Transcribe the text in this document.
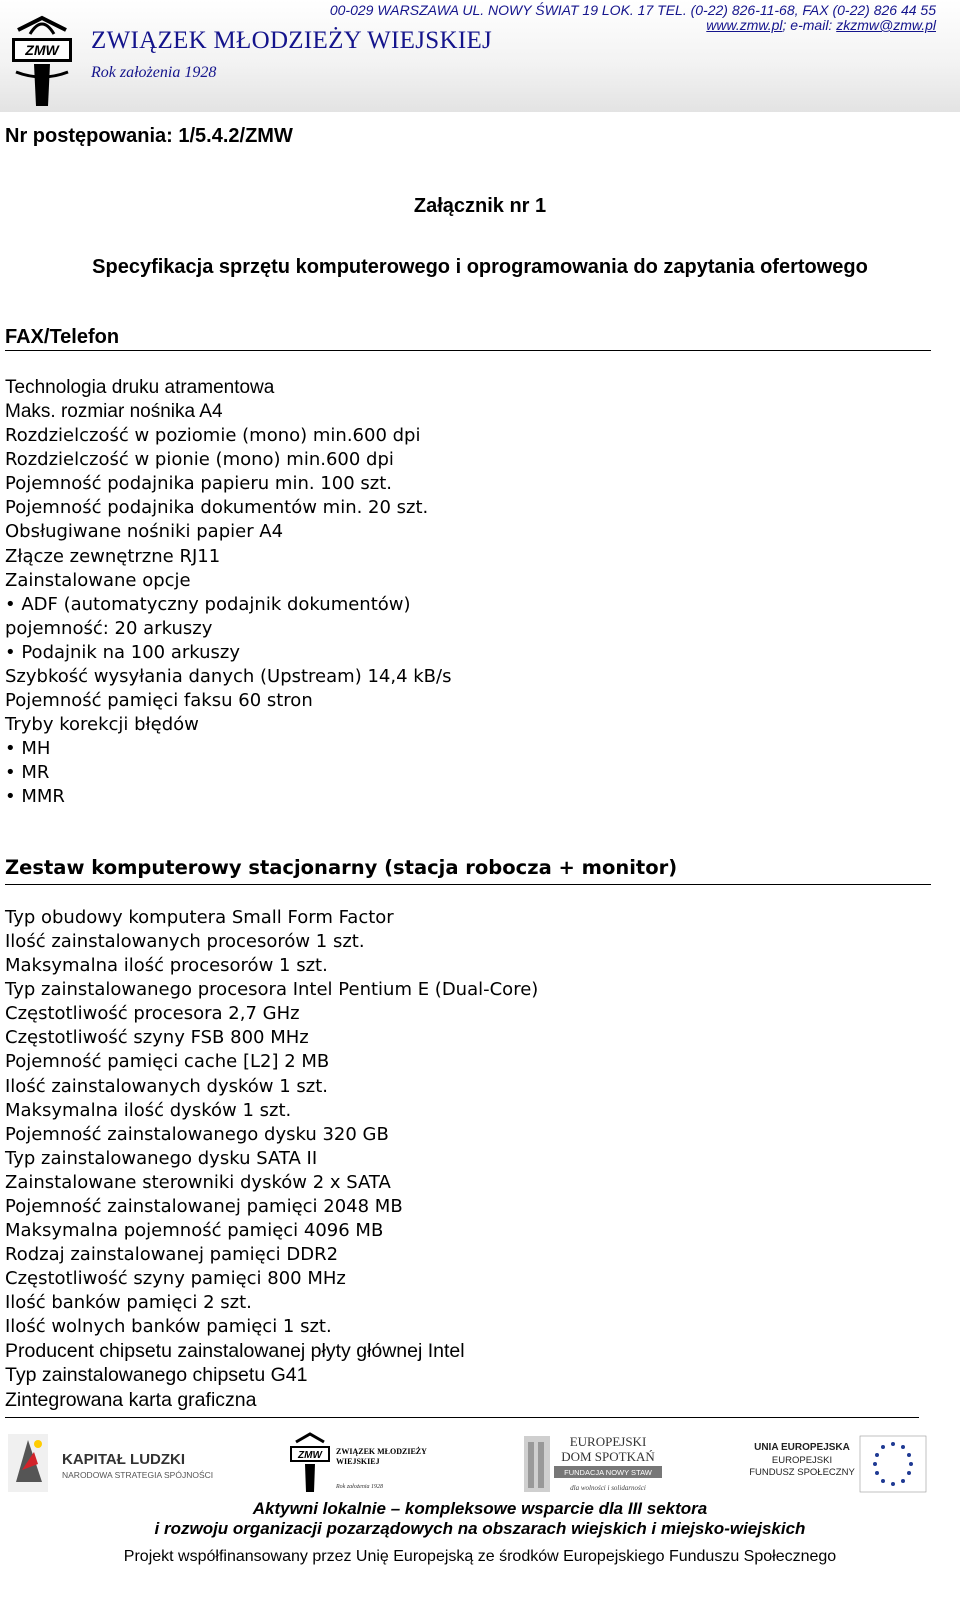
ZMW ZWIĄZEK MŁODZIEŻY WIEJSKIEJ
Rok założenia 1928
00-029 WARSZAWA UL. NOWY ŚWIAT 19 LOK. 17 TEL. (0-22) 826-11-68, FAX (0-22) 826 44 55
www.zmw.pl; e-mail: zkzmw@zmw.pl
Nr postępowania: 1/5.4.2/ZMW
Załącznik nr 1
Specyfikacja sprzętu komputerowego i oprogramowania do zapytania ofertowego
FAX/Telefon
Technologia druku atramentowa
Maks. rozmiar nośnika A4
Rozdzielczość w poziomie (mono) min.600 dpi
Rozdzielczość w pionie (mono) min.600 dpi
Pojemność podajnika papieru min. 100 szt.
Pojemność podajnika dokumentów min. 20 szt.
Obsługiwane nośniki papier A4
Złącze zewnętrzne RJ11
Zainstalowane opcje
• ADF (automatyczny podajnik dokumentów)
pojemność: 20 arkuszy
• Podajnik na 100 arkuszy
Szybkość wysyłania danych (Upstream) 14,4 kB/s
Pojemność pamięci faksu 60 stron
Tryby korekcji błędów
• MH
• MR
• MMR
Zestaw komputerowy stacjonarny (stacja robocza + monitor)
Typ obudowy komputera Small Form Factor
Ilość zainstalowanych procesorów 1 szt.
Maksymalna ilość procesorów 1 szt.
Typ zainstalowanego procesora Intel Pentium E (Dual-Core)
Częstotliwość procesora 2,7 GHz
Częstotliwość szyny FSB 800 MHz
Pojemność pamięci cache [L2] 2 MB
Ilość zainstalowanych dysków 1 szt.
Maksymalna ilość dysków 1 szt.
Pojemność zainstalowanego dysku 320 GB
Typ zainstalowanego dysku SATA II
Zainstalowane sterowniki dysków 2 x SATA
Pojemność zainstalowanej pamięci 2048 MB
Maksymalna pojemność pamięci 4096 MB
Rodzaj zainstalowanej pamięci DDR2
Częstotliwość szyny pamięci 800 MHz
Ilość banków pamięci 2 szt.
Ilość wolnych banków pamięci 1 szt.
Producent chipsetu zainstalowanej płyty głównej Intel
Typ zainstalowanego chipsetu G41
Zintegrowana karta graficzna
KAPITAŁ LUDZKI
NARODOWA STRATEGIA SPÓJNOŚCI
ZMW ZWIĄZEK MŁODZIEŻY
WIEJSKIEJ
Rok założenia 1928
EUROPEJSKI
DOM SPOTKAŃ
FUNDACJA NOWY STAW
dla wolności i solidarności
UNIA EUROPEJSKA
EUROPEJSKI
FUNDUSZ SPOŁECZNY
Aktywni lokalnie – kompleksowe wsparcie dla III sektora
i rozwoju organizacji pozarządowych na obszarach wiejskich i miejsko-wiejskich
Projekt współfinansowany przez Unię Europejską ze środków Europejskiego Funduszu Społecznego
